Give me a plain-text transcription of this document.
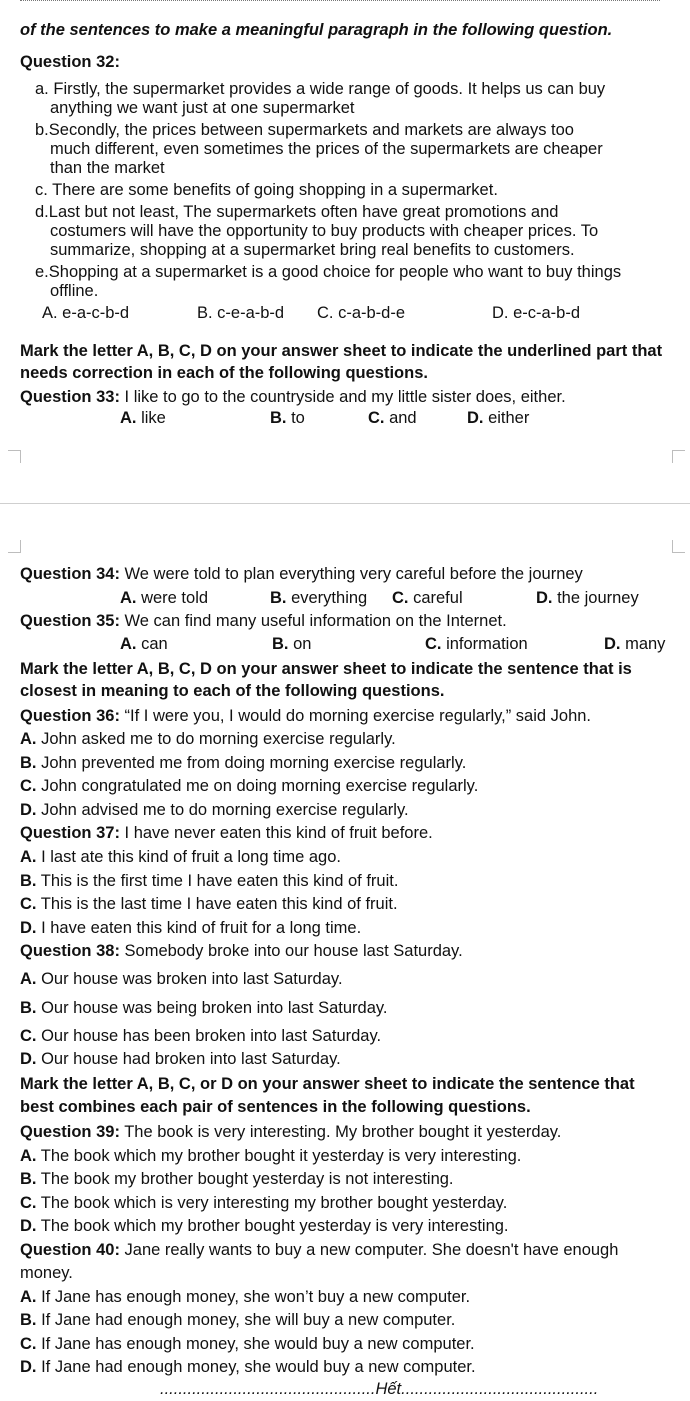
of the sentences to make a meaningful paragraph in the following question.
Question 32:
a. Firstly, the supermarket provides a wide range of goods. It helps us can buy
anything we want just at one supermarket
b.Secondly, the prices between supermarkets and markets are always too
much different, even sometimes the prices of the supermarkets are cheaper
than the market
c. There are some benefits of going shopping in a supermarket.
d.Last but not least, The supermarkets often have great promotions and
costumers will have the opportunity to buy products with cheaper prices. To
summarize, shopping at a supermarket bring real benefits to customers.
e.Shopping at a supermarket is a good choice for people who want to buy things
offline.
A. e-a-c-b-d	B. c-e-a-b-d C. c-a-b-d-e	D. e-c-a-b-d
Mark the letter A, B, C, D on your answer sheet to indicate the underlined part that
needs correction in each of the following questions.
Question 33: I like to go to the countryside and my little sister does, either.
A. like	B. to	C. and	D. either
Question 34: We were told to plan everything very careful before the journey
A. were told	B. everything C. careful	D. the journey
Question 35: We can find many useful information on the Internet.
A. can	B. on	C. information	D. many
Mark the letter A, B, C, D on your answer sheet to indicate the sentence that is
closest in meaning to each of the following questions.
Question 36: “If I were you, I would do morning exercise regularly,” said John.
A. John asked me to do morning exercise regularly.
B. John prevented me from doing morning exercise regularly.
C. John congratulated me on doing morning exercise regularly.
D. John advised me to do morning exercise regularly.
Question 37: I have never eaten this kind of fruit before.
A. I last ate this kind of fruit a long time ago.
B. This is the first time I have eaten this kind of fruit.
C. This is the last time I have eaten this kind of fruit.
D. I have eaten this kind of fruit for a long time.
Question 38: Somebody broke into our house last Saturday.
A. Our house was broken into last Saturday.
B. Our house was being broken into last Saturday.
C. Our house has been broken into last Saturday.
D. Our house had broken into last Saturday.
Mark the letter A, B, C, or D on your answer sheet to indicate the sentence that
best combines each pair of sentences in the following questions.
Question 39: The book is very interesting. My brother bought it yesterday.
A. The book which my brother bought it yesterday is very interesting.
B. The book my brother bought yesterday is not interesting.
C. The book which is very interesting my brother bought yesterday.
D. The book which my brother bought yesterday is very interesting.
Question 40: Jane really wants to buy a new computer. She doesn't have enough
money.
A. If Jane has enough money, she won’t buy a new computer.
B. If Jane had enough money, she will buy a new computer.
C. If Jane has enough money, she would buy a new computer.
D. If Jane had enough money, she would buy a new computer.
...............................................Hết...........................................
